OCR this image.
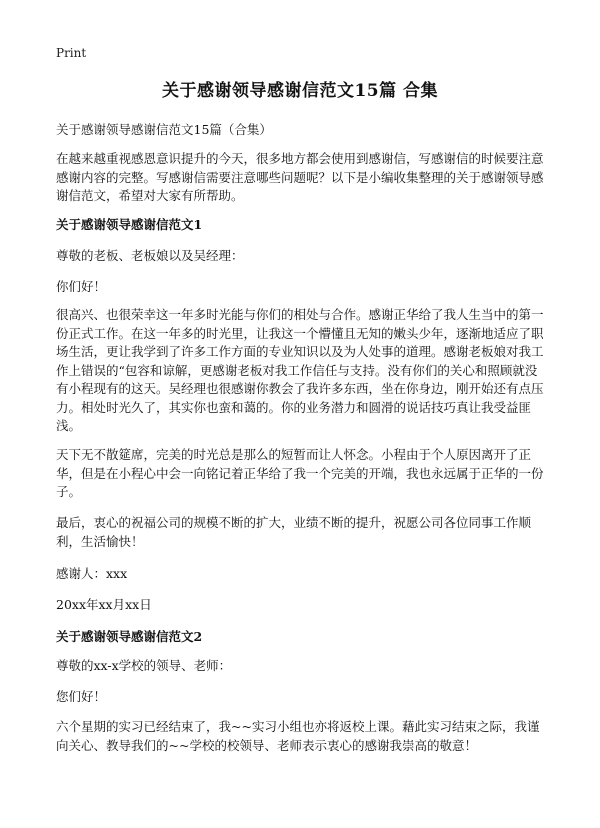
Print
关于感谢领导感谢信范文15篇 合集

关于感谢领导感谢信范文15篇（合集）

在越来越重视感恩意识提升的今天，很多地方都会使用到感谢信，写感谢信的时候要注意感谢内容的完整。写感谢信需要注意哪些问题呢？以下是小编收集整理的关于感谢领导感谢信范文，希望对大家有所帮助。

关于感谢领导感谢信范文1

尊敬的老板、老板娘以及吴经理：

你们好！

很高兴、也很荣幸这一年多时光能与你们的相处与合作。感谢正华给了我人生当中的第一份正式工作。在这一年多的时光里，让我这一个懵懂且无知的嫩头少年，逐渐地适应了职场生活，更让我学到了许多工作方面的专业知识以及为人处事的道理。感谢老板娘对我工作上错误的“包容和谅解，更感谢老板对我工作信任与支持。没有你们的关心和照顾就没有小程现有的这天。吴经理也很感谢你教会了我许多东西，坐在你身边，刚开始还有点压力。相处时光久了，其实你也蛮和蔼的。你的业务潜力和圆滑的说话技巧真让我受益匪浅。

天下无不散筵席，完美的时光总是那么的短暂而让人怀念。小程由于个人原因离开了正华，但是在小程心中会一向铭记着正华给了我一个完美的开端，我也永远属于正华的一份子。

最后，衷心的祝福公司的规模不断的扩大，业绩不断的提升，祝愿公司各位同事工作顺利，生活愉快！

感谢人：xxx

20xx年xx月xx日

关于感谢领导感谢信范文2

尊敬的xx-x学校的领导、老师：

您们好！

六个星期的实习已经结束了，我~~实习小组也亦将返校上课。藉此实习结束之际，我谨向关心、教导我们的~~学校的校领导、老师表示衷心的感谢我崇高的敬意！
